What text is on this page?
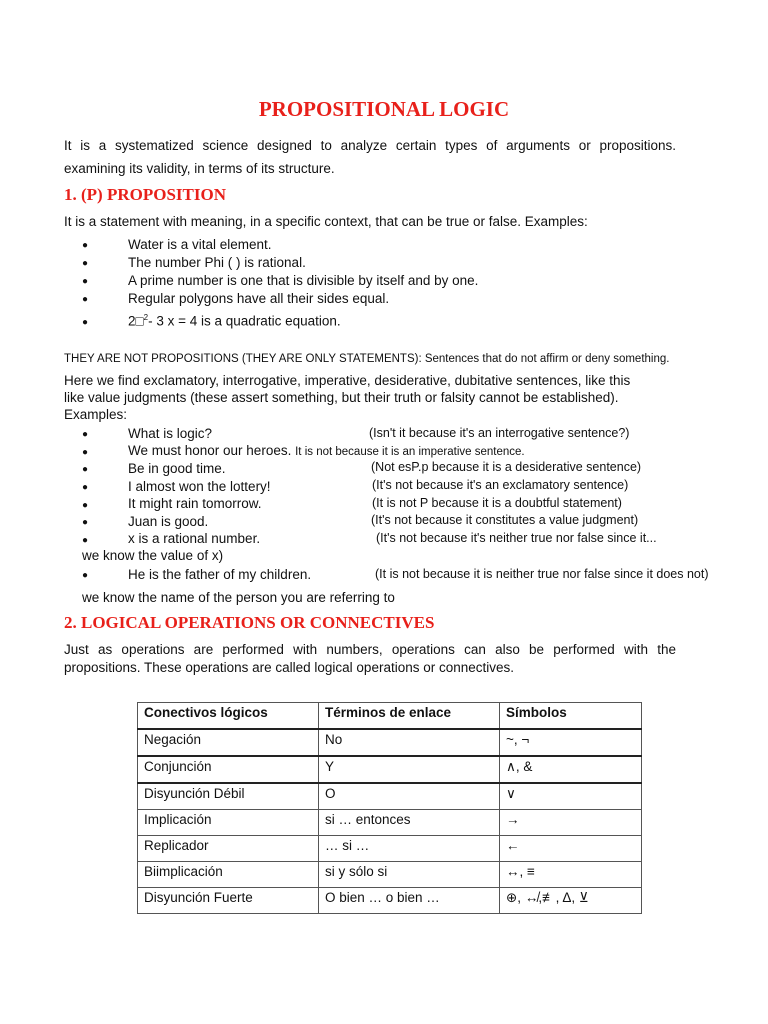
PROPOSITIONAL LOGIC
It is a systematized science designed to analyze certain types of arguments or propositions.
examining its validity, in terms of its structure.
1. (P) PROPOSITION
It is a statement with meaning, in a specific context, that can be true or false. Examples:
●	Water is a vital element.
●	The number Phi ( ) is rational.
●	A prime number is one that is divisible by itself and by one.
●	Regular polygons have all their sides equal.
●	2□$^2$- 3 x = 4 is a quadratic equation.
THEY ARE NOT PROPOSITIONS (THEY ARE ONLY STATEMENTS): Sentences that do not affirm or deny something.
Here we find exclamatory, interrogative, imperative, desiderative, dubitative sentences, like this
like value judgments (these assert something, but their truth or falsity cannot be established).
Examples:
●	What is logic?	(Isn't it because it's an interrogative sentence?)
●	We must honor our heroes. It is not because it is an imperative sentence.
●	Be in good time.	(Not esP.p because it is a desiderative sentence)
●	I almost won the lottery!	(It's not because it's an exclamatory sentence)
●	It might rain tomorrow.	(It is not P because it is a doubtful statement)
●	Juan is good.	(It's not because it constitutes a value judgment)
●	x is a rational number.	(It's not because it's neither true nor false since it...
we know the value of x)
●	He is the father of my children.	(It is not because it is neither true nor false since it does not)
we know the name of the person you are referring to
2. LOGICAL OPERATIONS OR CONNECTIVES
Just as operations are performed with numbers, operations can also be performed with the propositions. These operations are called logical operations or connectives.
Conectivos lógicos	Términos de enlace	Símbolos
Negación	No	~, ¬
Conjunción	Y	∧, &
Disyunción Débil	O	∨
Implicación	si … entonces	→
Replicador	… si …	←
Biimplicación	si y sólo si	↔, ≡
Disyunción Fuerte	O bien … o bien …	⊕, ↮,≢, Δ, ⊻
